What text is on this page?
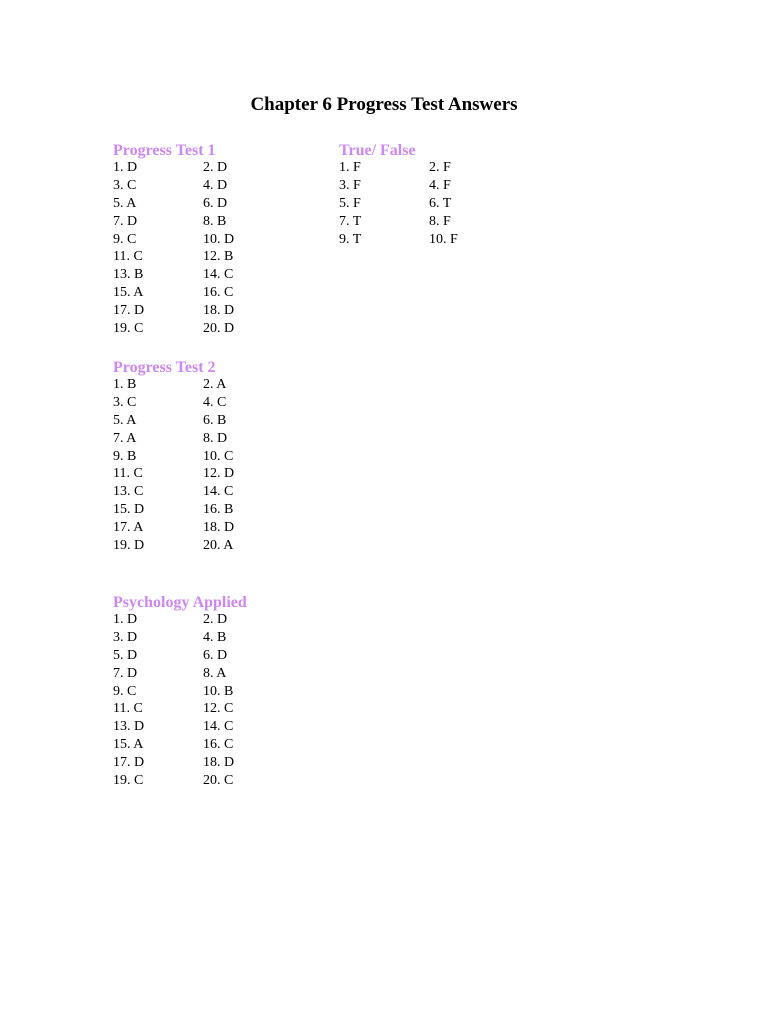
Chapter 6 Progress Test Answers
Progress Test 1
1. D	2. D
3. C	4. D
5. A	6. D
7. D	8. B
9. C	10. D
11. C	12. B
13. B	14. C
15. A	16. C
17. D	18. D
19. C	20. D
True/ False
1. F	2. F
3. F	4. F
5. F	6. T
7. T	8. F
9. T	10. F
Progress Test 2
1. B	2. A
3. C	4. C
5. A	6. B
7. A	8. D
9. B	10. C
11. C	12. D
13. C	14. C
15. D	16. B
17. A	18. D
19. D	20. A
Psychology Applied
1. D	2. D
3. D	4. B
5. D	6. D
7. D	8. A
9. C	10. B
11. C	12. C
13. D	14. C
15. A	16. C
17. D	18. D
19. C	20. C
